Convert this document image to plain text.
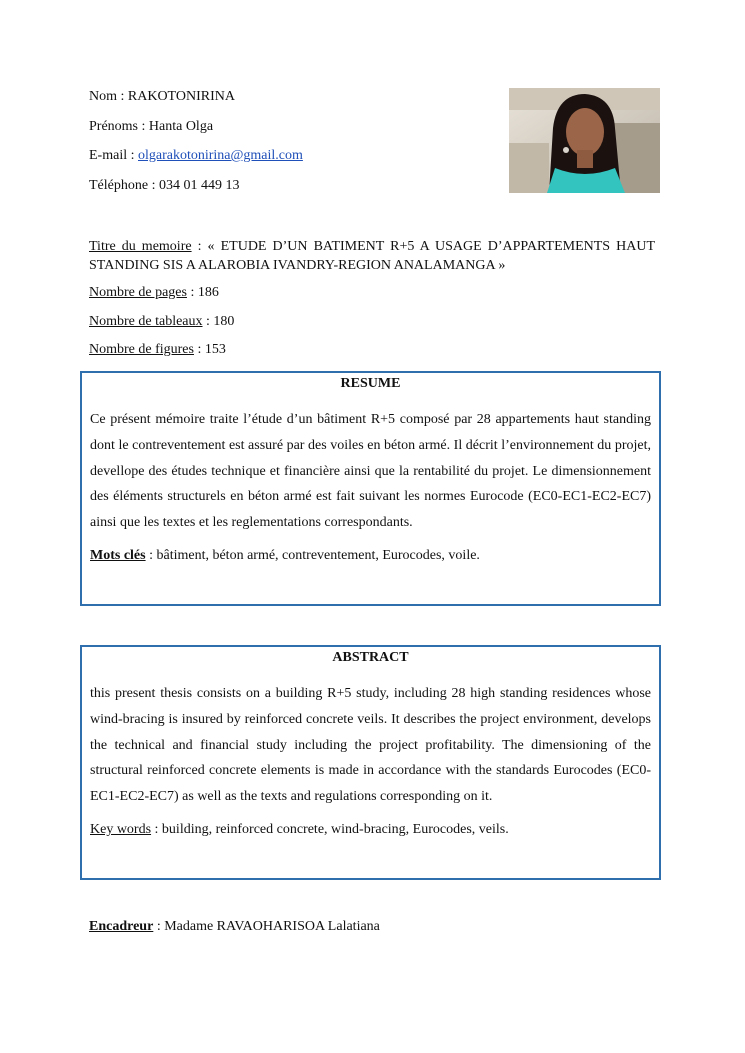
Nom : RAKOTONIRINA
Prénoms : Hanta Olga
E-mail : olgarakotonirina@gmail.com
Téléphone : 034 01 449 13
Titre du memoire : « ETUDE D’UN BATIMENT R+5 A USAGE D’APPARTEMENTS HAUT STANDING SIS A ALAROBIA IVANDRY-REGION ANALAMANGA »
Nombre de pages : 186
Nombre de tableaux : 180
Nombre de figures : 153
RESUME
Ce présent mémoire traite l’étude d’un bâtiment R+5 composé par 28 appartements haut standing dont le contreventement est assuré par des voiles en béton armé. Il décrit l’environnement du projet, devellope des études technique et financière ainsi que la rentabilité du projet. Le dimensionnement des éléments structurels en béton armé est fait suivant les normes Eurocode (EC0-EC1-EC2-EC7) ainsi que les textes et les reglementations correspondants.
Mots clés : bâtiment, béton armé, contreventement, Eurocodes, voile.
ABSTRACT
this present thesis consists on a building R+5 study, including 28 high standing residences whose wind-bracing is insured by reinforced concrete veils. It describes the project environment, develops the technical and financial study including the project profitability. The dimensioning of the structural reinforced concrete elements is made in accordance with the standards Eurocodes (EC0-EC1-EC2-EC7) as well as the texts and regulations corresponding on it.
Key words : building, reinforced concrete, wind-bracing, Eurocodes, veils.
Encadreur : Madame RAVAOHARISOA Lalatiana
